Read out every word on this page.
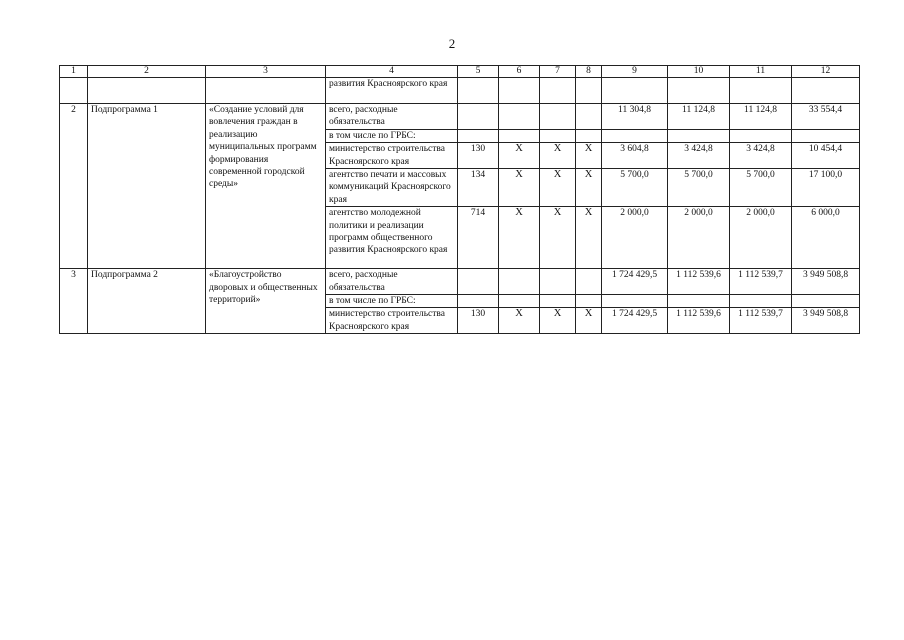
2
1	2	3	4	5	6	7	8	9	10	11	12
			развития Красноярского края								
2	Подпрограмма 1	«Создание условий для вовлечения граждан в реализацию муниципальных программ формирования современной городской среды»	всего, расходные обязательства					11 304,8	11 124,8	11 124,8	33 554,4
			в том числе по ГРБС:								
			министерство строительства Красноярского края	130	X	X	X	3 604,8	3 424,8	3 424,8	10 454,4
			агентство печати и массовых коммуникаций Красноярского края	134	X	X	X	5 700,0	5 700,0	5 700,0	17 100,0
			агентство молодежной политики и реализации программ общественного развития Красноярского края	714	X	X	X	2 000,0	2 000,0	2 000,0	6 000,0
3	Подпрограмма 2	«Благоустройство дворовых и общественных территорий»	всего, расходные обязательства					1 724 429,5	1 112 539,6	1 112 539,7	3 949 508,8
			в том числе по ГРБС:								
			министерство строительства Красноярского края	130	X	X	X	1 724 429,5	1 112 539,6	1 112 539,7	3 949 508,8
